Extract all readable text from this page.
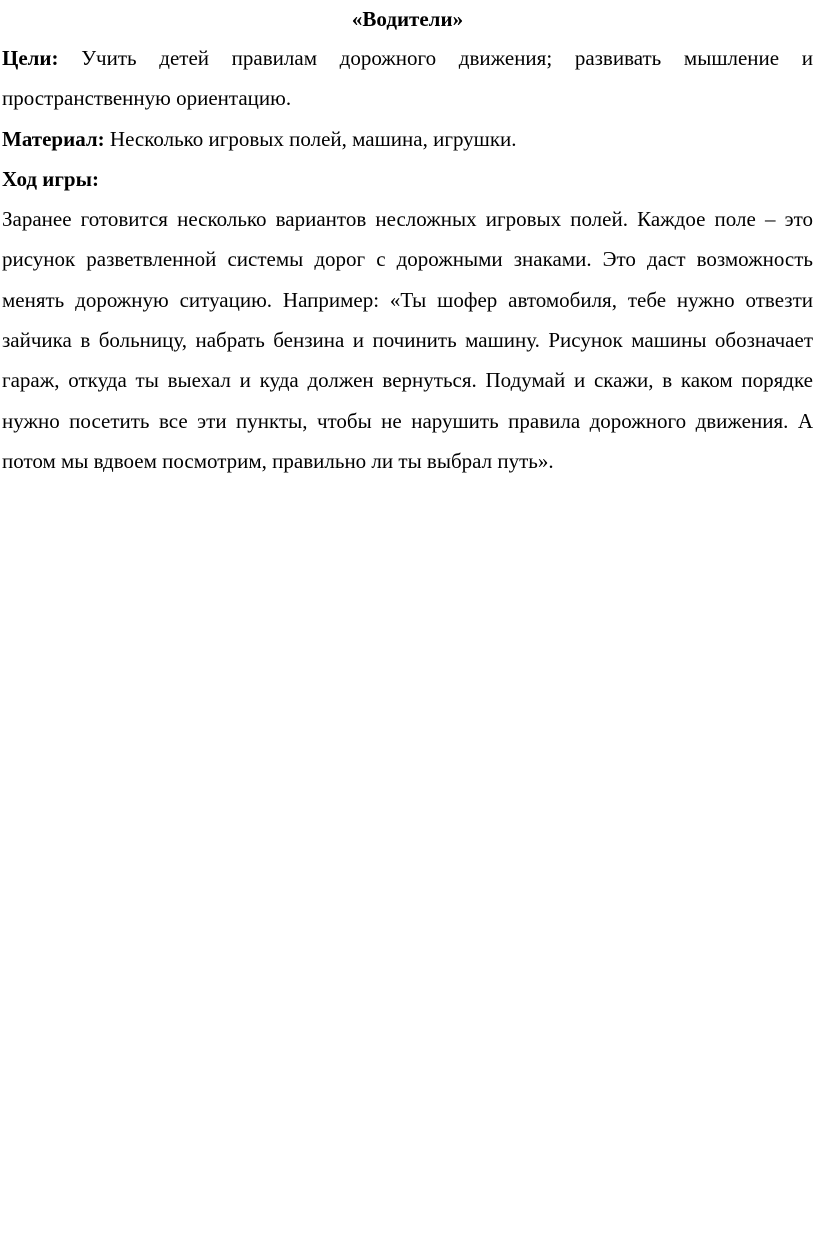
«Водители»

Цели: Учить детей правилам дорожного движения; развивать мышление и пространственную ориентацию.

Материал: Несколько игровых полей, машина, игрушки.

Ход игры:

Заранее готовится несколько вариантов несложных игровых полей. Каждое поле – это рисунок разветвленной системы дорог с дорожными знаками. Это даст возможность менять дорожную ситуацию. Например: «Ты шофер автомобиля, тебе нужно отвезти зайчика в больницу, набрать бензина и починить машину. Рисунок машины обозначает гараж, откуда ты выехал и куда должен вернуться. Подумай и скажи, в каком порядке нужно посетить все эти пункты, чтобы не нарушить правила дорожного движения. А потом мы вдвоем посмотрим, правильно ли ты выбрал путь».
